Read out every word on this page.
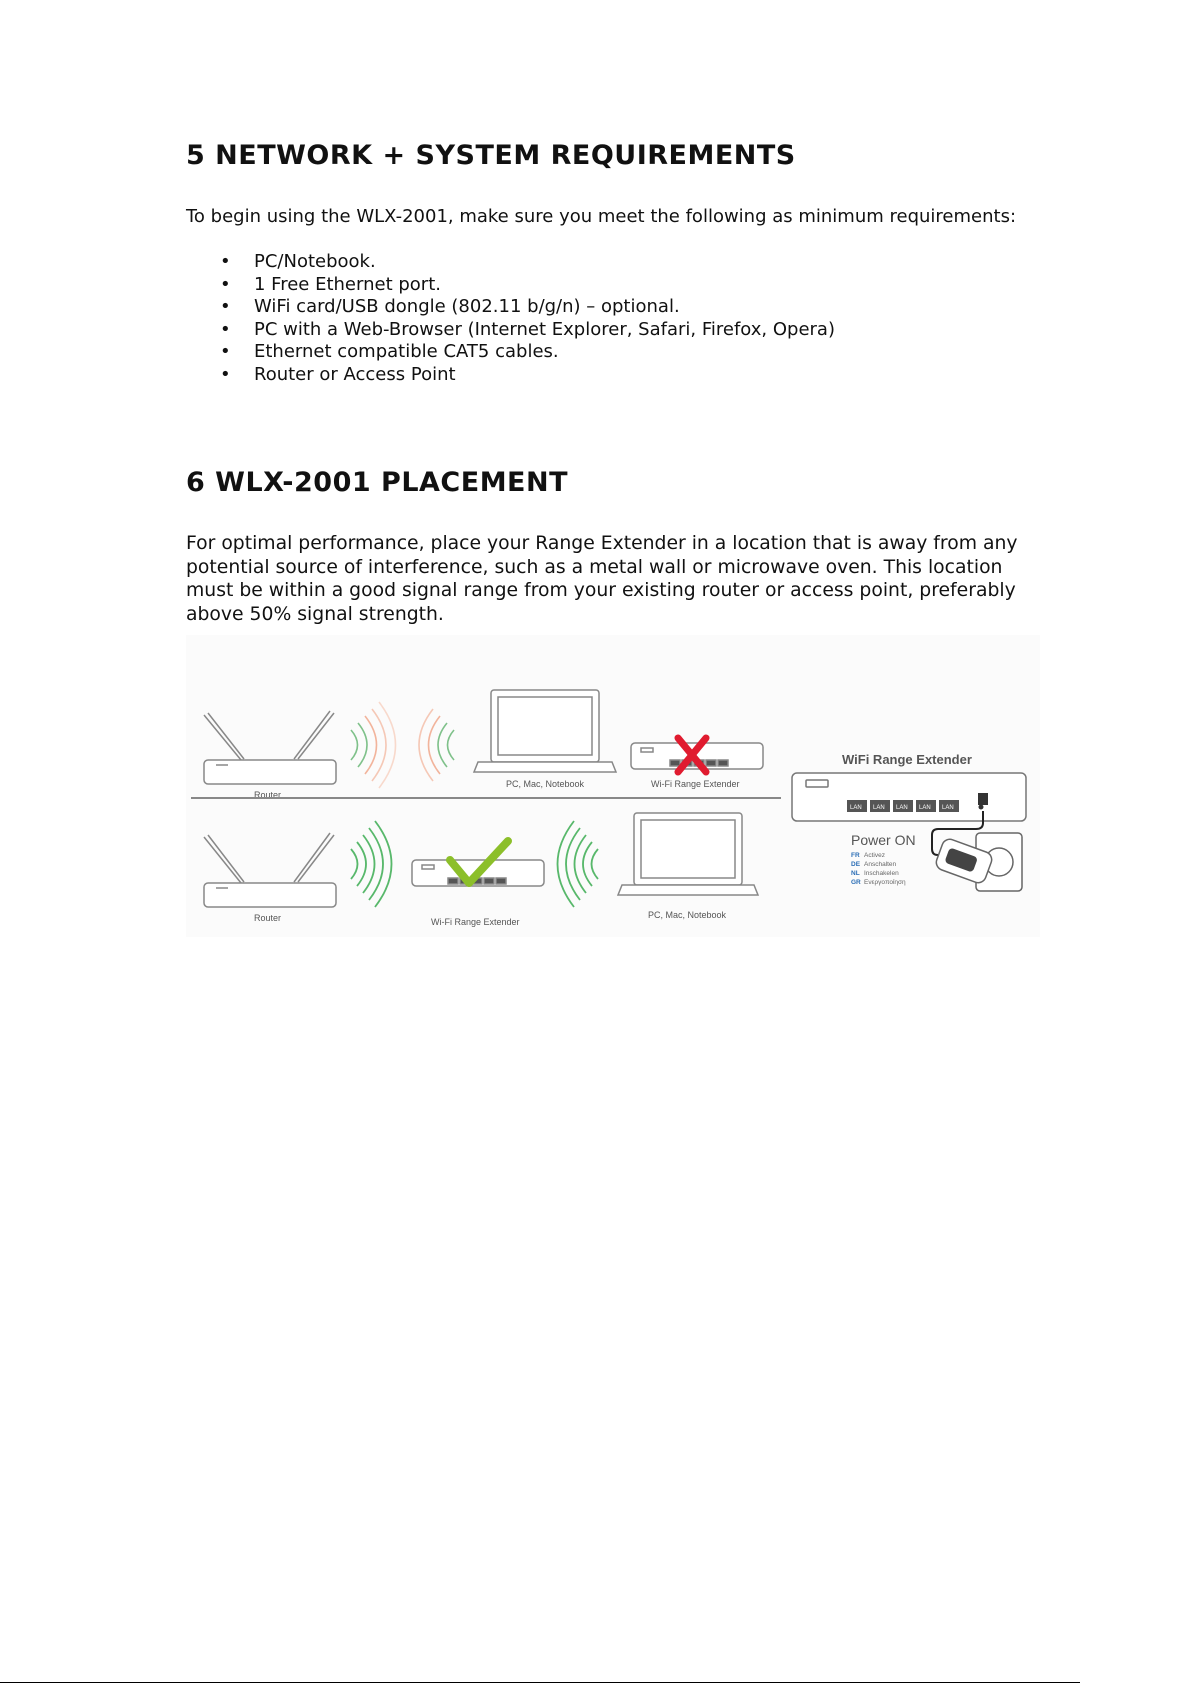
5 NETWORK + SYSTEM REQUIREMENTS

To begin using the WLX-2001, make sure you meet the following as minimum requirements:

• PC/Notebook.
• 1 Free Ethernet port.
• WiFi card/USB dongle (802.11 b/g/n) – optional.
• PC with a Web-Browser (Internet Explorer, Safari, Firefox, Opera)
• Ethernet compatible CAT5 cables.
• Router or Access Point
6 WLX-2001 PLACEMENT

For optimal performance, place your Range Extender in a location that is away from any potential source of interference, such as a metal wall or microwave oven. This location must be within a good signal range from your existing router or access point, preferably above 50% signal strength.

Router
PC, Mac, Notebook	Wi-Fi Range Extender
Router	Wi-Fi Range Extender
PC, Mac, Notebook
WiFi Range Extender
LAN LAN LAN LAN LAN
Power ON
FR Activez
DE Anschalten
NL Inschakelen
GR Ενεργοποίηση
